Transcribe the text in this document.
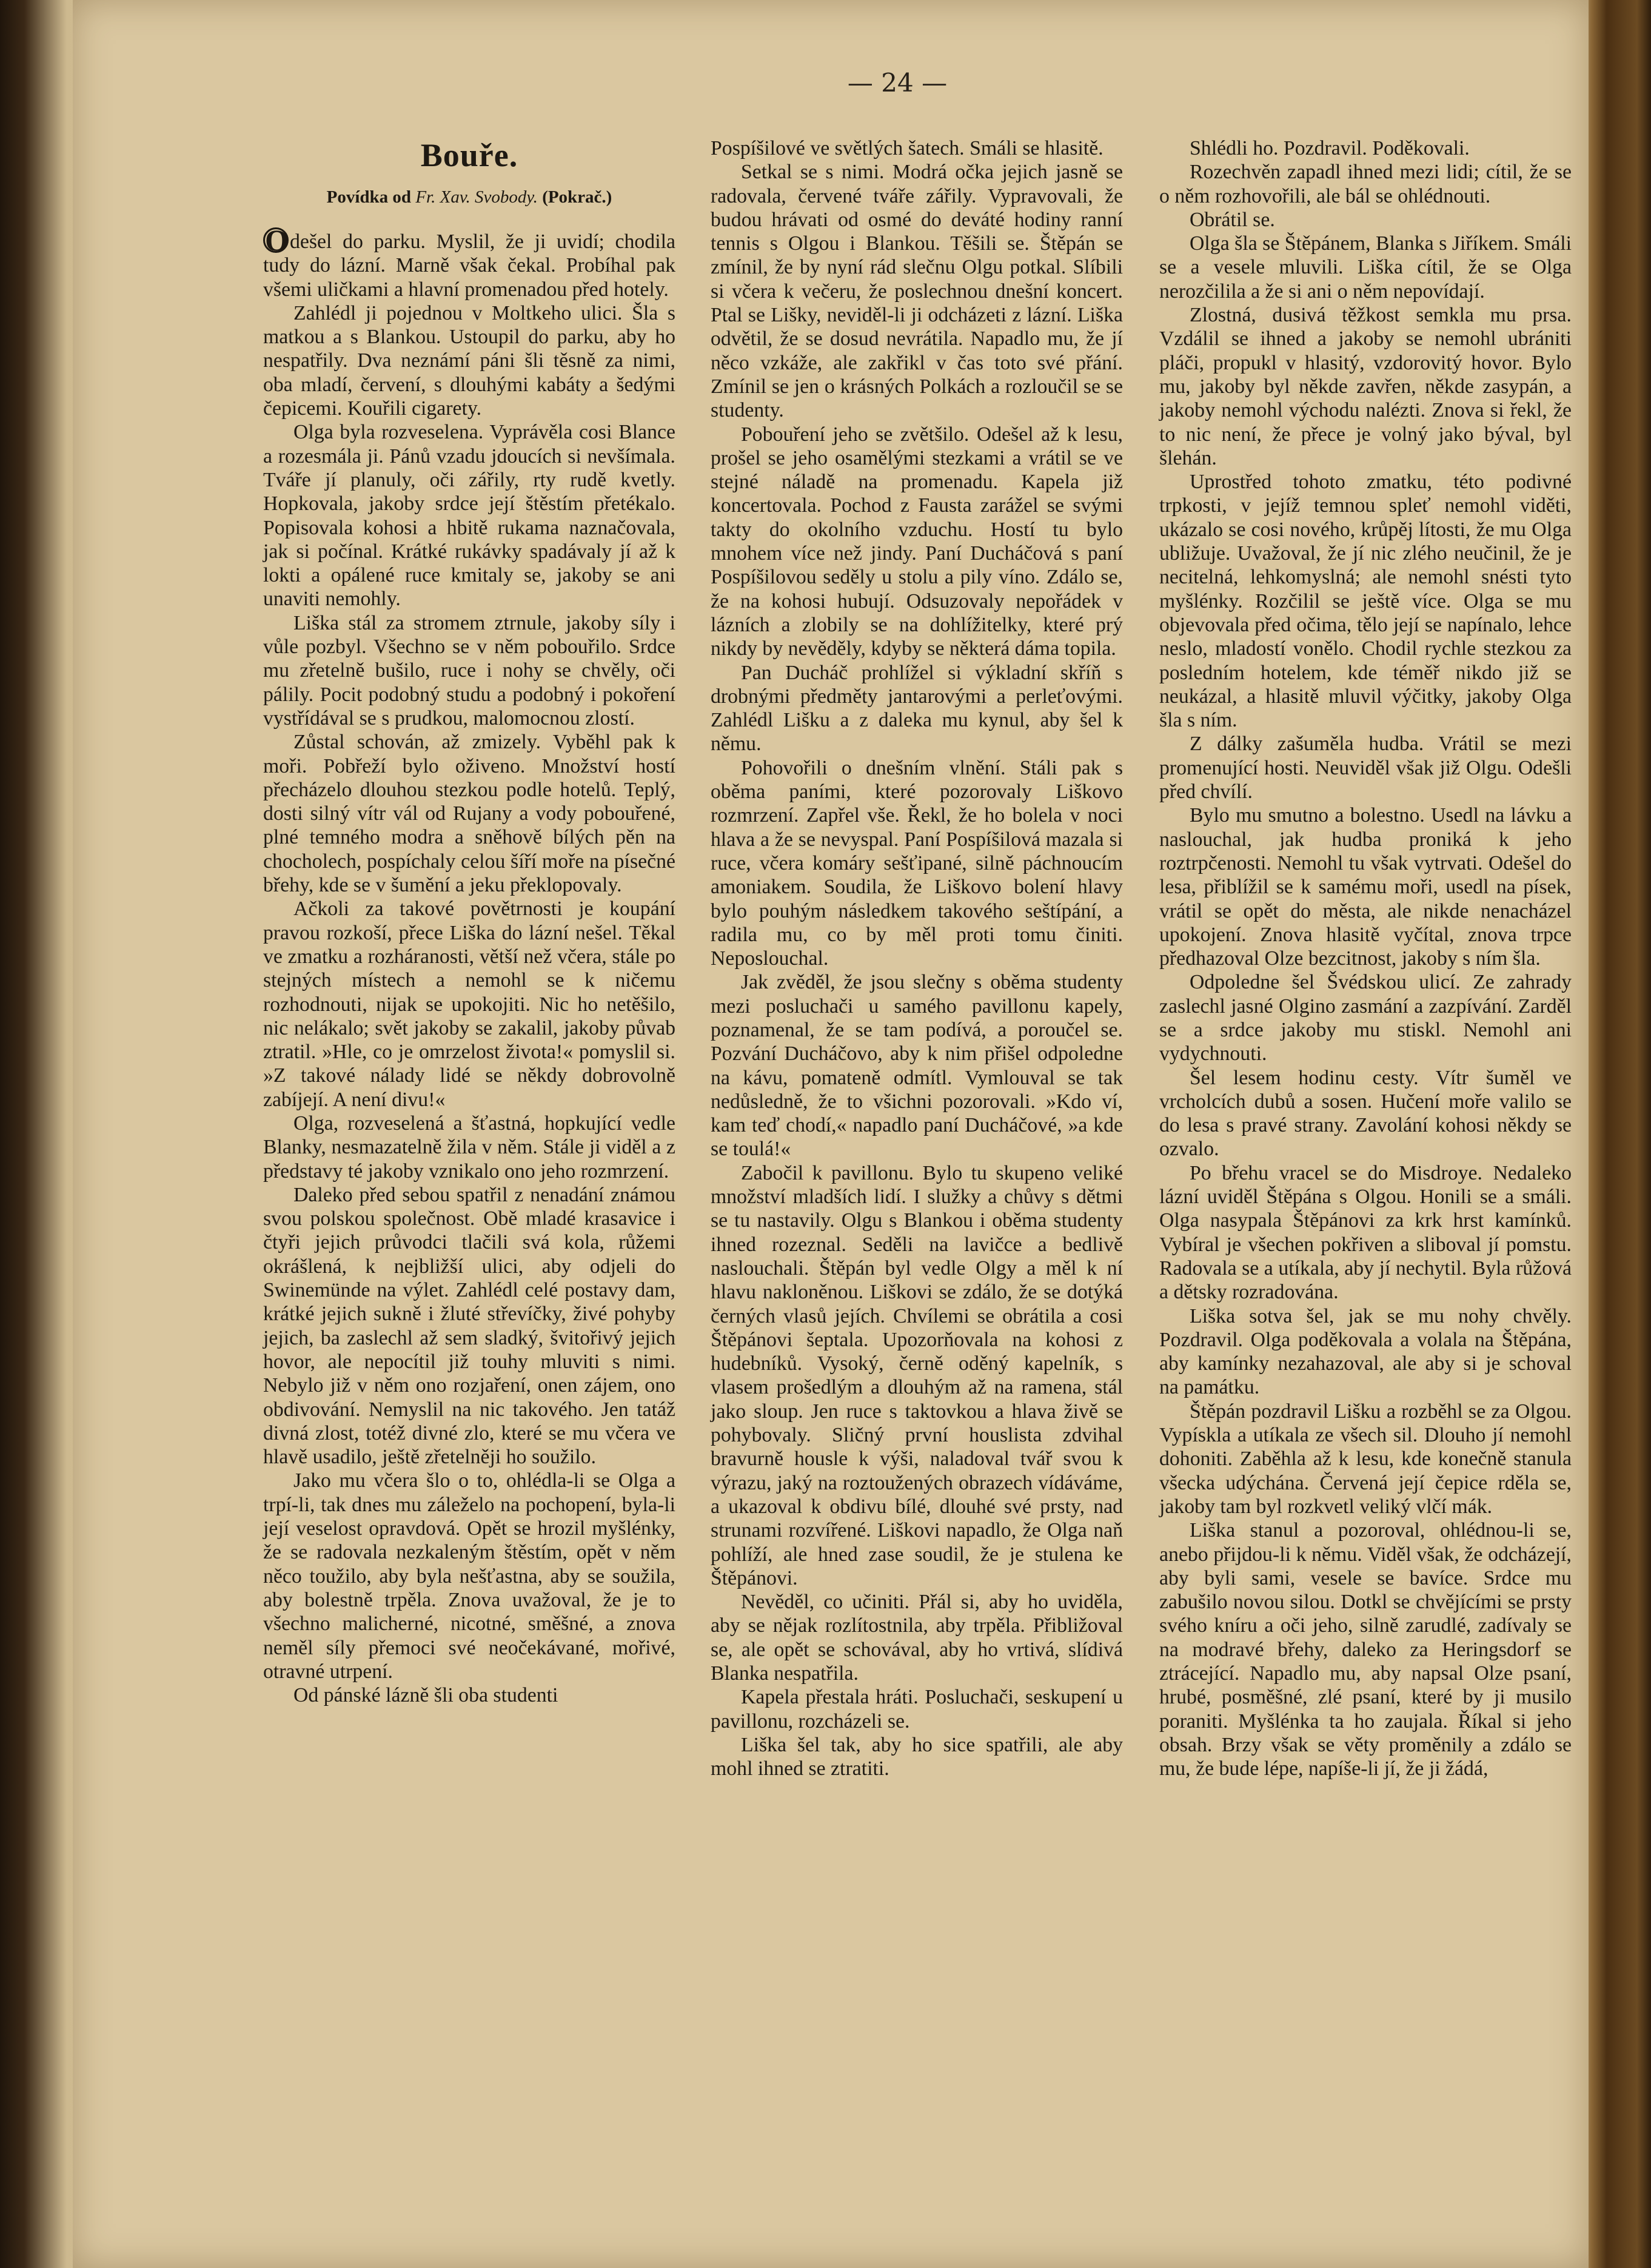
— 24 —
Bouře.
Povídka od Fr. Xav. Svobody. (Pokrač.)

Odešel do parku. Myslil, že ji uvidí; chodila tudy do lázní. Marně však čekal. Probíhal pak všemi uličkami a hlavní promenadou před hotely.

Zahlédl ji pojednou v Moltkeho ulici. Šla s matkou a s Blankou. Ustoupil do parku, aby ho nespatřily. Dva neznámí páni šli těsně za nimi, oba mladí, červení, s dlouhými kabáty a šedými čepicemi. Kouřili cigarety.

Olga byla rozveselena. Vyprávěla cosi Blance a rozesmála ji. Pánů vzadu jdoucích si nevšímala. Tváře jí planuly, oči zářily, rty rudě kvetly. Hopkovala, jakoby srdce její štěstím přetékalo. Popisovala kohosi a hbitě rukama naznačovala, jak si počínal. Krátké rukávky spadávaly jí až k lokti a opálené ruce kmitaly se, jakoby se ani unaviti nemohly.

Liška stál za stromem ztrnule, jakoby síly i vůle pozbyl. Všechno se v něm pobouřilo. Srdce mu zřetelně bušilo, ruce i nohy se chvěly, oči pálily. Pocit podobný studu a podobný i pokoření vystřídával se s prudkou, malomocnou zlostí.

Zůstal schován, až zmizely. Vyběhl pak k moři. Pobřeží bylo oživeno. Množství hostí přecházelo dlouhou stezkou podle hotelů. Teplý, dosti silný vítr vál od Rujany a vody pobouřené, plné temného modra a sněhově bílých pěn na chocholech, pospíchaly celou šíří moře na písečné břehy, kde se v šumění a jeku překlopovaly.

Ačkoli za takové povětrnosti je koupání pravou rozkoší, přece Liška do lázní nešel. Těkal ve zmatku a rozháranosti, větší než včera, stále po stejných místech a nemohl se k ničemu rozhodnouti, nijak se upokojiti. Nic ho netěšilo, nic nelákalo; svět jakoby se zakalil, jakoby půvab ztratil. »Hle, co je omrzelost života!« pomyslil si. »Z takové nálady lidé se někdy dobrovolně zabíjejí. A není divu!«

Olga, rozveselená a šťastná, hopkující vedle Blanky, nesmazatelně žila v něm. Stále ji viděl a z představy té jakoby vznikalo ono jeho rozmrzení.

Daleko před sebou spatřil z nenadání známou svou polskou společnost. Obě mladé krasavice i čtyři jejich průvodci tlačili svá kola, růžemi okrášlená, k nejbližší ulici, aby odjeli do Swinemünde na výlet. Zahlédl celé postavy dam, krátké jejich sukně i žluté střevíčky, živé pohyby jejich, ba zaslechl až sem sladký, švitořivý jejich hovor, ale nepocítil již touhy mluviti s nimi. Nebylo již v něm ono rozjaření, onen zájem, ono obdivování. Nemyslil na nic takového. Jen tatáž divná zlost, totéž divné zlo, které se mu včera ve hlavě usadilo, ještě zřetelněji ho soužilo.

Jako mu včera šlo o to, ohlédla-li se Olga a trpí-li, tak dnes mu záleželo na pochopení, byla-li její veselost opravdová. Opět se hrozil myšlénky, že se radovala nezkaleným štěstím, opět v něm něco toužilo, aby byla nešťastna, aby se soužila, aby bolestně trpěla. Znova uvažoval, že je to všechno malicherné, nicotné, směšné, a znova neměl síly přemoci své neočekávané, mořivé, otravné utrpení.

Od pánské lázně šli oba studenti

Pospíšilové ve světlých šatech. Smáli se hlasitě.

Setkal se s nimi. Modrá očka jejich jasně se radovala, červené tváře zářily. Vypravovali, že budou hrávati od osmé do deváté hodiny ranní tennis s Olgou i Blankou. Těšili se. Štěpán se zmínil, že by nyní rád slečnu Olgu potkal. Slíbili si včera k večeru, že poslechnou dnešní koncert. Ptal se Lišky, neviděl-li ji odcházeti z lázní. Liška odvětil, že se dosud nevrátila. Napadlo mu, že jí něco vzkáže, ale zakřikl v čas toto své přání. Zmínil se jen o krásných Polkách a rozloučil se se studenty.

Pobouření jeho se zvětšilo. Odešel až k lesu, prošel se jeho osamělými stezkami a vrátil se ve stejné náladě na promenadu. Kapela již koncertovala. Pochod z Fausta zarážel se svými takty do okolního vzduchu. Hostí tu bylo mnohem více než jindy. Paní Ducháčová s paní Pospíšilovou seděly u stolu a pily víno. Zdálo se, že na kohosi hubují. Odsuzovaly nepořádek v lázních a zlobily se na dohlížitelky, které prý nikdy by nevěděly, kdyby se některá dáma topila.

Pan Ducháč prohlížel si výkladní skříň s drobnými předměty jantarovými a perleťovými. Zahlédl Lišku a z daleka mu kynul, aby šel k němu.

Pohovořili o dnešním vlnění. Stáli pak s oběma paními, které pozorovaly Liškovo rozmrzení. Zapřel vše. Řekl, že ho bolela v noci hlava a že se nevyspal. Paní Pospíšilová mazala si ruce, včera komáry sešťipané, silně páchnoucím amoniakem. Soudila, že Liškovo bolení hlavy bylo pouhým následkem takového seštípání, a radila mu, co by měl proti tomu činiti. Neposlouchal.

Jak zvěděl, že jsou slečny s oběma studenty mezi posluchači u samého pavillonu kapely, poznamenal, že se tam podívá, a poroučel se. Pozvání Ducháčovo, aby k nim přišel odpoledne na kávu, pomateně odmítl. Vymlouval se tak nedůsledně, že to všichni pozorovali. »Kdo ví, kam teď chodí,« napadlo paní Ducháčové, »a kde se toulá!«

Zabočil k pavillonu. Bylo tu skupeno veliké množství mladších lidí. I služky a chůvy s dětmi se tu nastavily. Olgu s Blankou i oběma studenty ihned rozeznal. Seděli na lavičce a bedlivě naslouchali. Štěpán byl vedle Olgy a měl k ní hlavu nakloněnou. Liškovi se zdálo, že se dotýká černých vlasů jejích. Chvílemi se obrátila a cosi Štěpánovi šeptala. Upozorňovala na kohosi z hudebníků. Vysoký, černě oděný kapelník, s vlasem prošedlým a dlouhým až na ramena, stál jako sloup. Jen ruce s taktovkou a hlava živě se pohybovaly. Sličný první houslista zdvihal bravurně housle k výši, naladoval tvář svou k výrazu, jaký na roztoužených obrazech vídáváme, a ukazoval k obdivu bílé, dlouhé své prsty, nad strunami rozvířené. Liškovi napadlo, že Olga naň pohlíží, ale hned zase soudil, že je stulena ke Štěpánovi.

Nevěděl, co učiniti. Přál si, aby ho uviděla, aby se nějak rozlítostnila, aby trpěla. Přibližoval se, ale opět se schovával, aby ho vrtivá, slídivá Blanka nespatřila.

Kapela přestala hráti. Posluchači, seskupení u pavillonu, rozcházeli se.

Liška šel tak, aby ho sice spatřili, ale aby mohl ihned se ztratiti.

Shlédli ho. Pozdravil. Poděkovali.

Rozechvěn zapadl ihned mezi lidi; cítil, že se o něm rozhovořili, ale bál se ohlédnouti.

Obrátil se.

Olga šla se Štěpánem, Blanka s Jiříkem. Smáli se a vesele mluvili. Liška cítil, že se Olga nerozčilila a že si ani o něm nepovídají.

Zlostná, dusivá těžkost semkla mu prsa. Vzdálil se ihned a jakoby se nemohl ubrániti pláči, propukl v hlasitý, vzdorovitý hovor. Bylo mu, jakoby byl někde zavřen, někde zasypán, a jakoby nemohl východu nalézti. Znova si řekl, že to nic není, že přece je volný jako býval, byl šlehán.

Uprostřed tohoto zmatku, této podivné trpkosti, v jejíž temnou spleť nemohl viděti, ukázalo se cosi nového, krůpěj lítosti, že mu Olga ubližuje. Uvažoval, že jí nic zlého neučinil, že je necitelná, lehkomyslná; ale nemohl snésti tyto myšlénky. Rozčilil se ještě více. Olga se mu objevovala před očima, tělo její se napínalo, lehce neslo, mladostí vonělo. Chodil rychle stezkou za posledním hotelem, kde téměř nikdo již se neukázal, a hlasitě mluvil výčitky, jakoby Olga šla s ním.

Z dálky zašuměla hudba. Vrátil se mezi promenující hosti. Neuviděl však již Olgu. Odešli před chvílí.

Bylo mu smutno a bolestno. Usedl na lávku a naslouchal, jak hudba proniká k jeho roztrpčenosti. Nemohl tu však vytrvati. Odešel do lesa, přiblížil se k samému moři, usedl na písek, vrátil se opět do města, ale nikde nenacházel upokojení. Znova hlasitě vyčítal, znova trpce předhazoval Olze bezcitnost, jakoby s ním šla.

Odpoledne šel Švédskou ulicí. Ze zahrady zaslechl jasné Olgino zasmání a zazpívání. Zarděl se a srdce jakoby mu stiskl. Nemohl ani vydychnouti.

Šel lesem hodinu cesty. Vítr šuměl ve vrcholcích dubů a sosen. Hučení moře valilo se do lesa s pravé strany. Zavolání kohosi někdy se ozvalo.

Po břehu vracel se do Misdroye. Nedaleko lázní uviděl Štěpána s Olgou. Honili se a smáli. Olga nasypala Štěpánovi za krk hrst kamínků. Vybíral je všechen pokřiven a sliboval jí pomstu. Radovala se a utíkala, aby jí nechytil. Byla růžová a dětsky rozradována.

Liška sotva šel, jak se mu nohy chvěly. Pozdravil. Olga poděkovala a volala na Štěpána, aby kamínky nezahazoval, ale aby si je schoval na památku.

Štěpán pozdravil Lišku a rozběhl se za Olgou. Vypískla a utíkala ze všech sil. Dlouho jí nemohl dohoniti. Zaběhla až k lesu, kde konečně stanula všecka udýchána. Červená její čepice rděla se, jakoby tam byl rozkvetl veliký vlčí mák.

Liška stanul a pozoroval, ohlédnou-li se, anebo přijdou-li k němu. Viděl však, že odcházejí, aby byli sami, vesele se bavíce. Srdce mu zabušilo novou silou. Dotkl se chvějícími se prsty svého kníru a oči jeho, silně zarudlé, zadívaly se na modravé břehy, daleko za Heringsdorf se ztrácející. Napadlo mu, aby napsal Olze psaní, hrubé, posměšné, zlé psaní, které by ji musilo poraniti. Myšlénka ta ho zaujala. Říkal si jeho obsah. Brzy však se věty proměnily a zdálo se mu, že bude lépe, napíše-li jí, že ji žádá,
